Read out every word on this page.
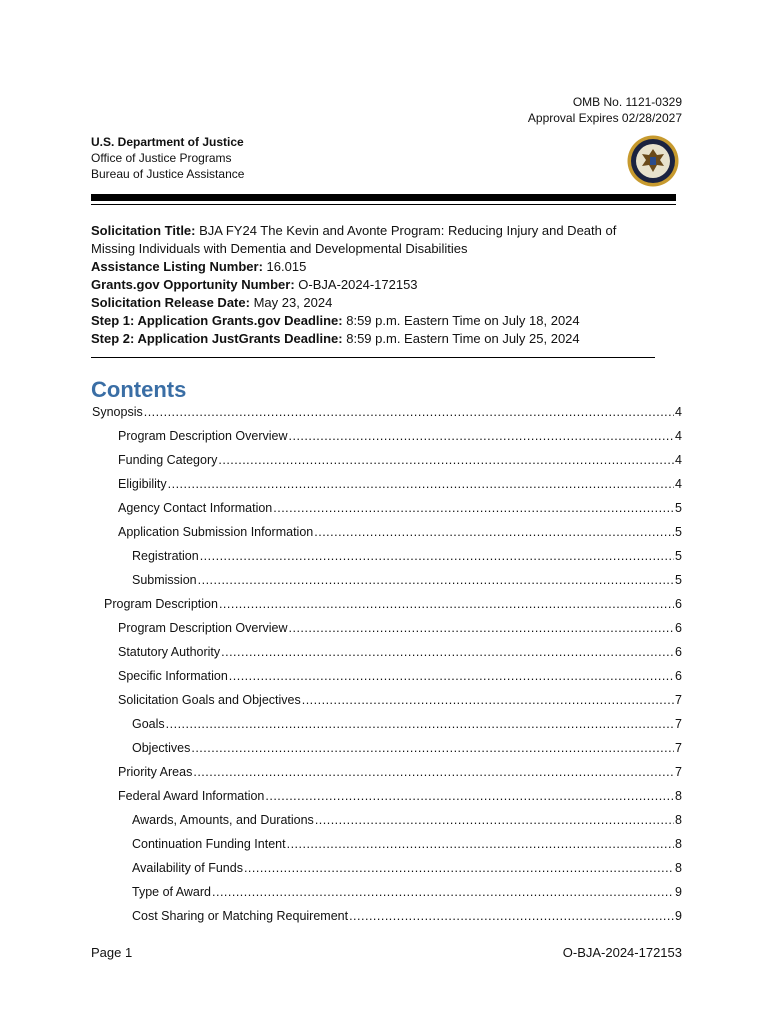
OMB No. 1121-0329
Approval Expires 02/28/2027
U.S. Department of Justice
Office of Justice Programs
Bureau of Justice Assistance

Solicitation Title: BJA FY24 The Kevin and Avonte Program: Reducing Injury and Death of

Missing Individuals with Dementia and Developmental Disabilities

Assistance Listing Number: 16.015

Grants.gov Opportunity Number: O-BJA-2024-172153

Solicitation Release Date: May 23, 2024

Step 1: Application Grants.gov Deadline: 8:59 p.m. Eastern Time on July 18, 2024

Step 2: Application JustGrants Deadline: 8:59 p.m. Eastern Time on July 25, 2024

Contents
Synopsis .....	4
Program Description Overview .....	4
Funding Category .....	4
Eligibility .....	4
Agency Contact Information .....	5
Application Submission Information .....	5
Registration .....	5
Submission .....	5
Program Description .....	6
Program Description Overview .....	6
Statutory Authority .....	6
Specific Information .....	6
Solicitation Goals and Objectives .....	7
Goals .....	7
Objectives .....	7
Priority Areas .....	7
Federal Award Information .....	8
Awards, Amounts, and Durations .....	8
Continuation Funding Intent .....	8
Availability of Funds .....	8
Type of Award .....	9
Cost Sharing or Matching Requirement .....	9
Page 1	O-BJA-2024-172153
